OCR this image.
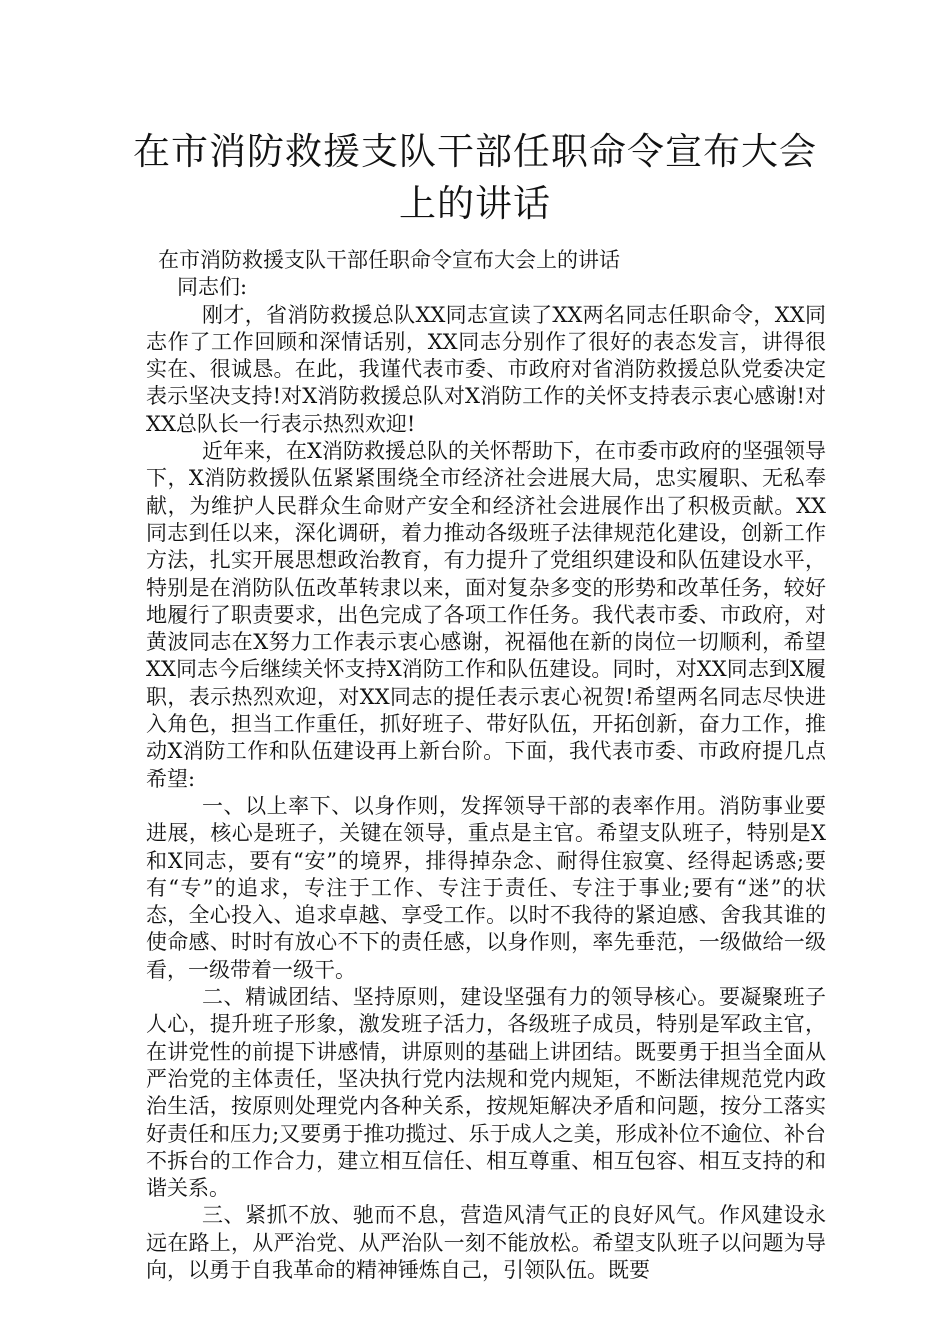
在市消防救援支队干部任职命令宣布大会上的讲话

在市消防救援支队干部任职命令宣布大会上的讲话

同志们:

刚才，省消防救援总队XX同志宣读了XX两名同志任职命令，XX同志作了工作回顾和深情话别，XX同志分别作了很好的表态发言，讲得很实在、很诚恳。在此，我谨代表市委、市政府对省消防救援总队党委决定表示坚决支持!对X消防救援总队对X消防工作的关怀支持表示衷心感谢!对XX总队长一行表示热烈欢迎!

近年来，在X消防救援总队的关怀帮助下，在市委市政府的坚强领导下，X消防救援队伍紧紧围绕全市经济社会进展大局，忠实履职、无私奉献，为维护人民群众生命财产安全和经济社会进展作出了积极贡献。XX同志到任以来，深化调研，着力推动各级班子法律规范化建设，创新工作方法，扎实开展思想政治教育，有力提升了党组织建设和队伍建设水平，特别是在消防队伍改革转隶以来，面对复杂多变的形势和改革任务，较好地履行了职责要求，出色完成了各项工作任务。我代表市委、市政府，对黄波同志在X努力工作表示衷心感谢，祝福他在新的岗位一切顺利，希望XX同志今后继续关怀支持X消防工作和队伍建设。同时，对XX同志到X履职，表示热烈欢迎，对XX同志的提任表示衷心祝贺!希望两名同志尽快进入角色，担当工作重任，抓好班子、带好队伍，开拓创新，奋力工作，推动X消防工作和队伍建设再上新台阶。下面，我代表市委、市政府提几点希望:

一、以上率下、以身作则，发挥领导干部的表率作用。消防事业要进展，核心是班子，关键在领导，重点是主官。希望支队班子，特别是X和X同志，要有“安”的境界，排得掉杂念、耐得住寂寞、经得起诱惑;要有“专”的追求，专注于工作、专注于责任、专注于事业;要有“迷”的状态，全心投入、追求卓越、享受工作。以时不我待的紧迫感、舍我其谁的使命感、时时有放心不下的责任感，以身作则，率先垂范，一级做给一级看，一级带着一级干。

二、精诚团结、坚持原则，建设坚强有力的领导核心。要凝聚班子人心，提升班子形象，激发班子活力，各级班子成员，特别是军政主官，在讲党性的前提下讲感情，讲原则的基础上讲团结。既要勇于担当全面从严治党的主体责任，坚决执行党内法规和党内规矩，不断法律规范党内政治生活，按原则处理党内各种关系，按规矩解决矛盾和问题，按分工落实好责任和压力;又要勇于推功揽过、乐于成人之美，形成补位不逾位、补台不拆台的工作合力，建立相互信任、相互尊重、相互包容、相互支持的和谐关系。

三、紧抓不放、驰而不息，营造风清气正的良好风气。作风建设永远在路上，从严治党、从严治队一刻不能放松。希望支队班子以问题为导向，以勇于自我革命的精神锤炼自己，引领队伍。既要
